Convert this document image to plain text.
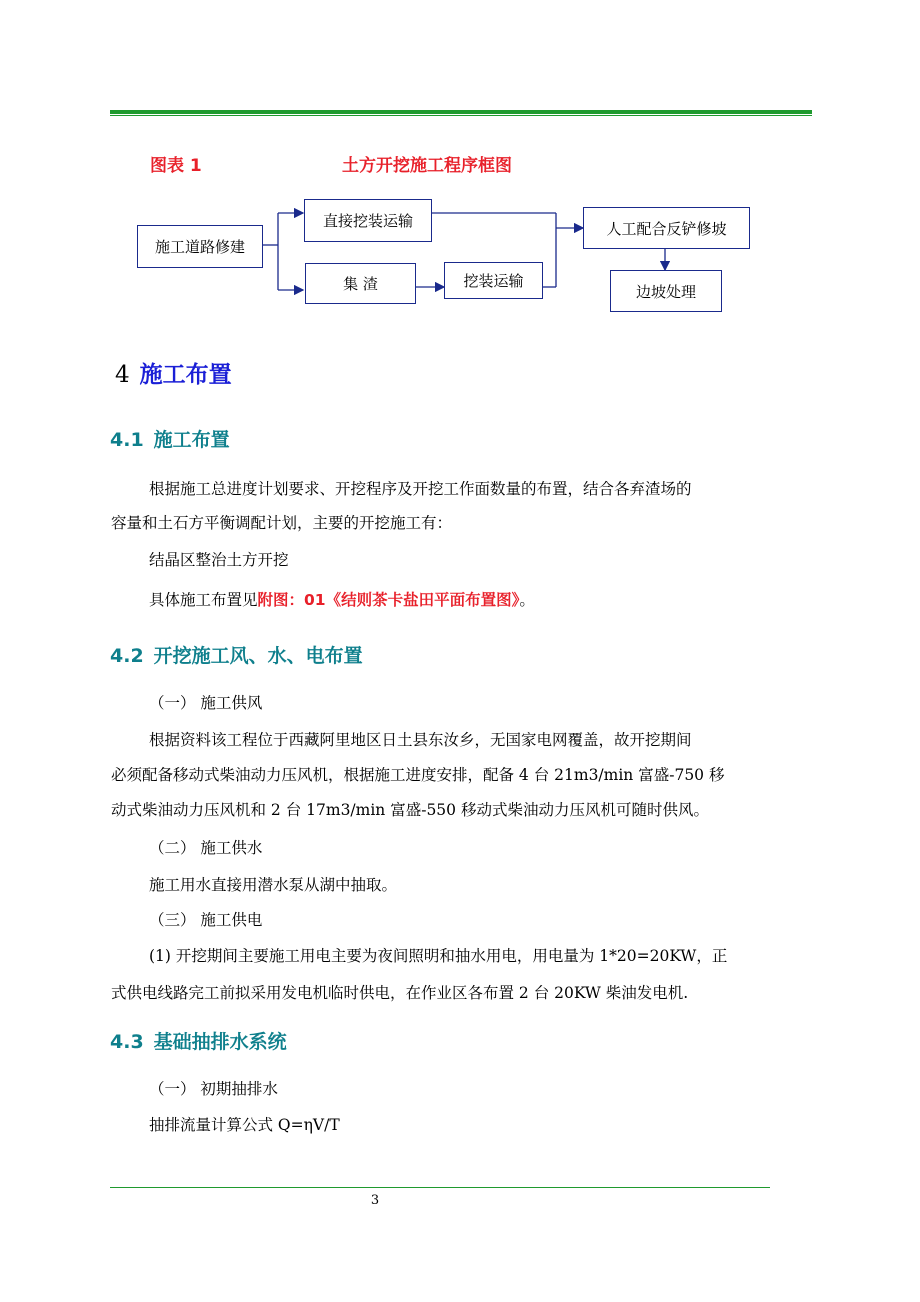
图表 1	土方开挖施工程序框图
施工道路修建
直接挖装运输
集 渣	挖装运输
人工配合反铲修坡
边坡处理
4 施工布置
4.1 施工布置
根据施工总进度计划要求、开挖程序及开挖工作面数量的布置，结合各弃渣场的
容量和土石方平衡调配计划，主要的开挖施工有：
结晶区整治土方开挖
具体施工布置见附图：01《结则茶卡盐田平面布置图》。
4.2 开挖施工风、水、电布置
（一） 施工供风
根据资料该工程位于西藏阿里地区日土县东汝乡，无国家电网覆盖，故开挖期间
必须配备移动式柴油动力压风机，根据施工进度安排，配备 4 台 21m3/min 富盛-750 移
动式柴油动力压风机和 2 台 17m3/min 富盛-550 移动式柴油动力压风机可随时供风。
（二） 施工供水
施工用水直接用潜水泵从湖中抽取。
（三） 施工供电
(1) 开挖期间主要施工用电主要为夜间照明和抽水用电，用电量为 1*20=20KW，正
式供电线路完工前拟采用发电机临时供电，在作业区各布置 2 台 20KW 柴油发电机.
4.3 基础抽排水系统
（一） 初期抽排水
抽排流量计算公式 Q=ηV/T
3
